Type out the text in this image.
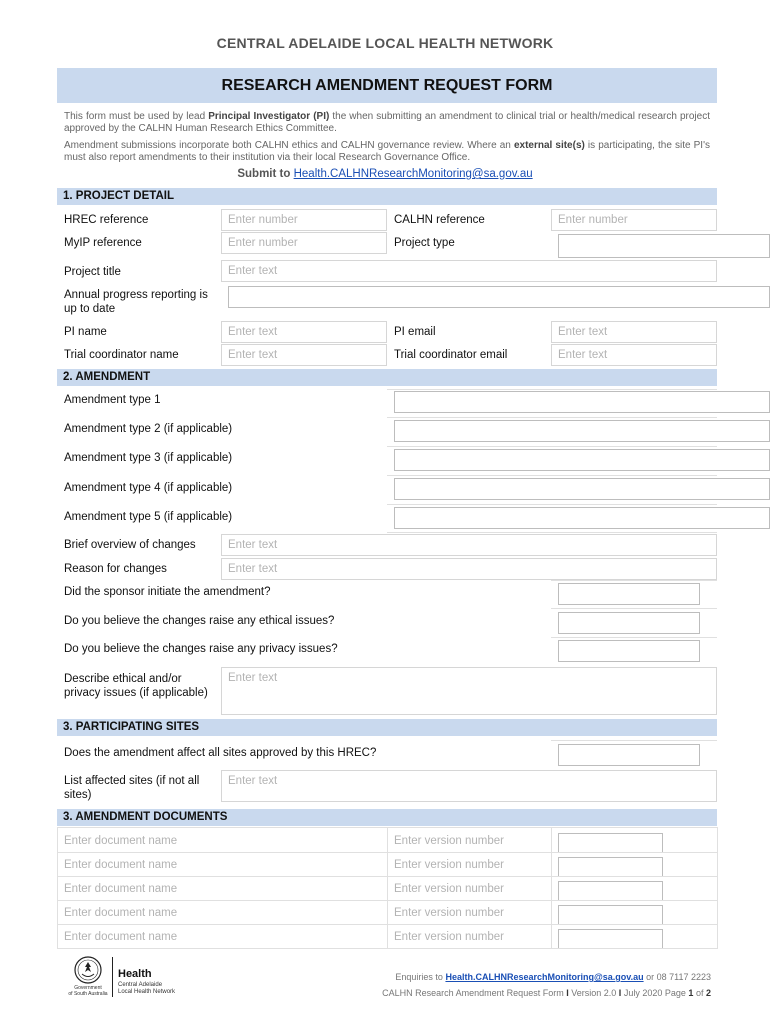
CENTRAL ADELAIDE LOCAL HEALTH NETWORK
RESEARCH AMENDMENT REQUEST FORM
This form must be used by lead Principal Investigator (PI) the when submitting an amendment to clinical trial or health/medical research project approved by the CALHN Human Research Ethics Committee.
Amendment submissions incorporate both CALHN ethics and CALHN governance review. Where an external site(s) is participating, the site PI's must also report amendments to their institution via their local Research Governance Office.
Submit to Health.CALHNResearchMonitoring@sa.gov.au
1. PROJECT DETAIL
HREC reference	Enter number	CALHN reference	Enter number
MyIP reference	Enter number	Project type
Project title	Enter text
Annual progress reporting is up to date
PI name	Enter text	PI email	Enter text
Trial coordinator name	Enter text	Trial coordinator email	Enter text
2. AMENDMENT
Amendment type 1
Amendment type 2 (if applicable)
Amendment type 3 (if applicable)
Amendment type 4 (if applicable)
Amendment type 5 (if applicable)
Brief overview of changes	Enter text
Reason for changes	Enter text
Did the sponsor initiate the amendment?
Do you believe the changes raise any ethical issues?
Do you believe the changes raise any privacy issues?
Describe ethical and/or privacy issues (if applicable)
Enter text
3. PARTICIPATING SITES
Does the amendment affect all sites approved by this HREC?
List affected sites (if not all sites)
Enter text
3. AMENDMENT DOCUMENTS
Enter document name	Enter version number
Enter document name	Enter version number
Enter document name	Enter version number
Enter document name	Enter version number
Enter document name	Enter version number
Government
of South Australia
Health
Central Adelaide
Local Health Network
Enquiries to Health.CALHNResearchMonitoring@sa.gov.au or 08 7117 2223
CALHN Research Amendment Request Form I Version 2.0 I July 2020 Page 1 of 2
